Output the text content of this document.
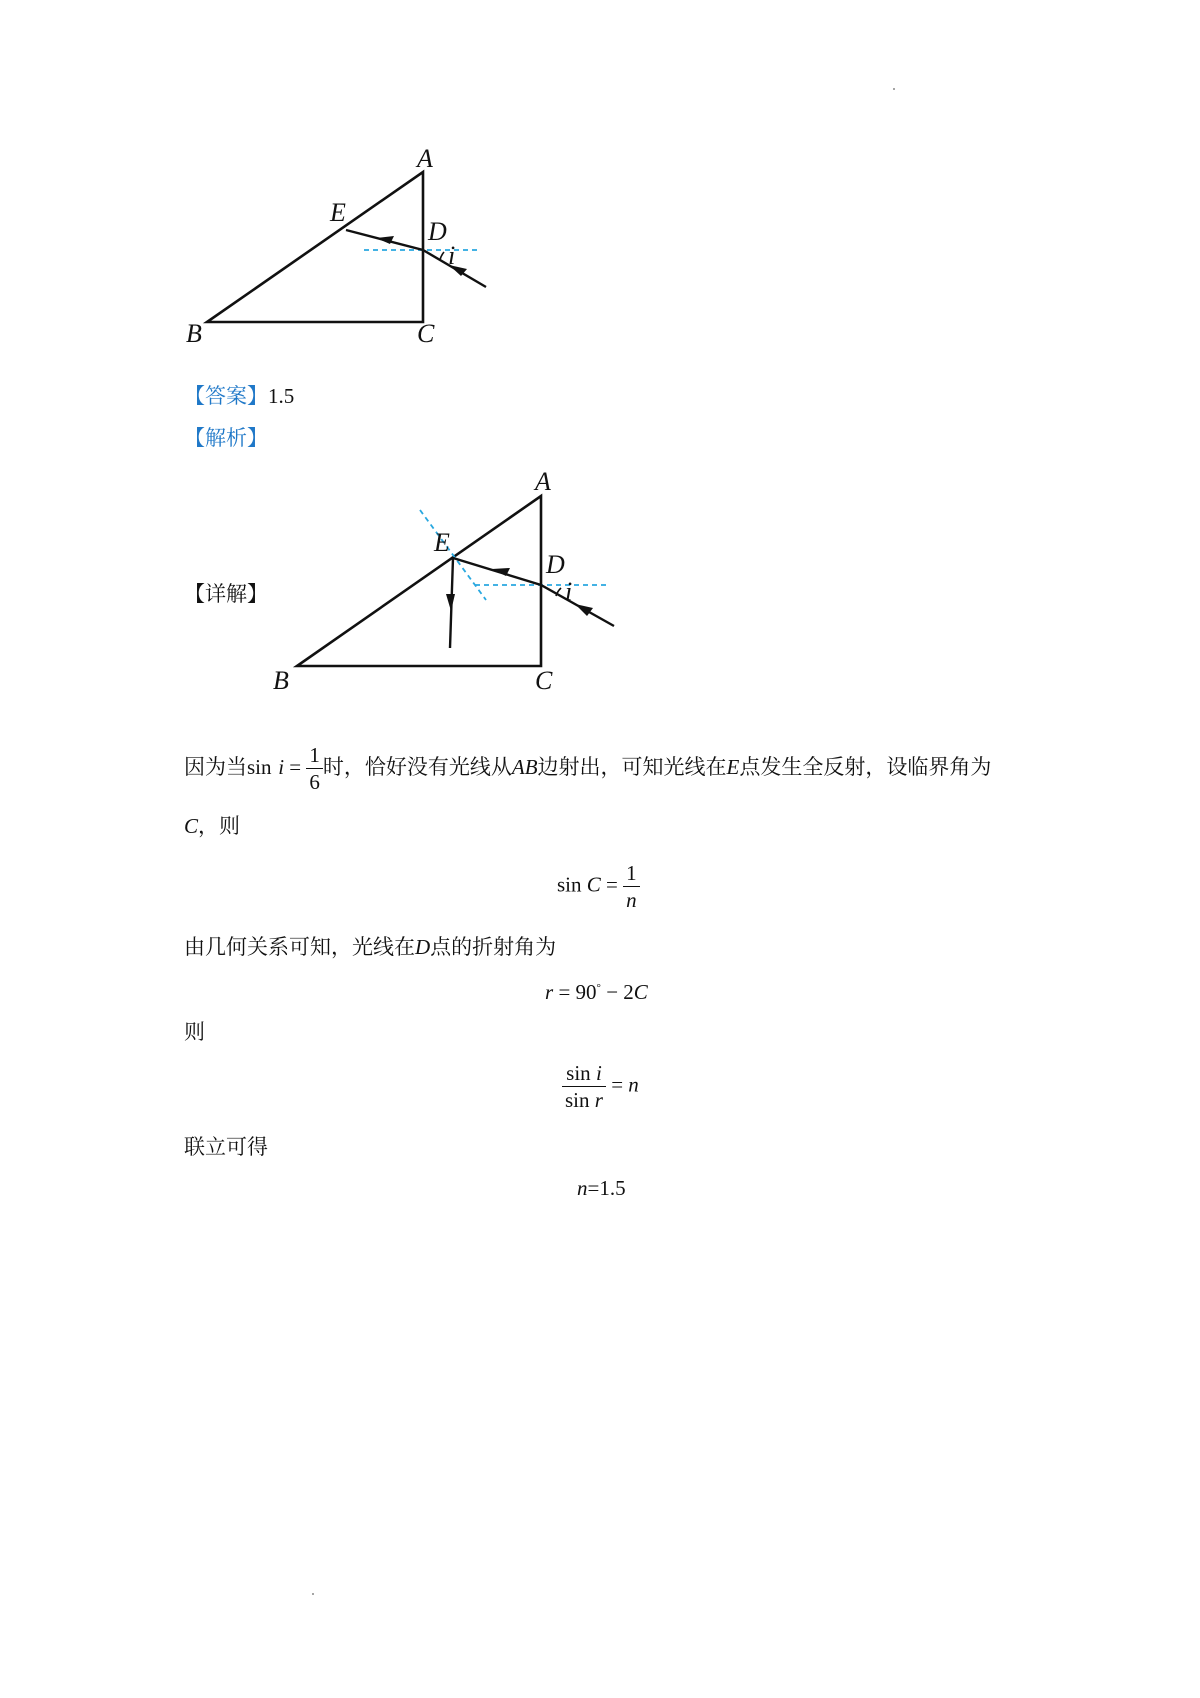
A
E
D
i
B	C
【答案】1.5
【解析】
【详解】
A
E
D
i
B	C
因为当$\sin i = \frac{1}{6}$ 时，恰好没有光线从AB边射出，可知光线在E点发生全反射，设临界角为
C，则
$\sin C = \frac{1}{n}$
由几何关系可知，光线在D点的折射角为
r = 90° − 2C
则
$\frac{\text{sin i}}{\text{sin r}} = n$
联立可得
n=1.5
